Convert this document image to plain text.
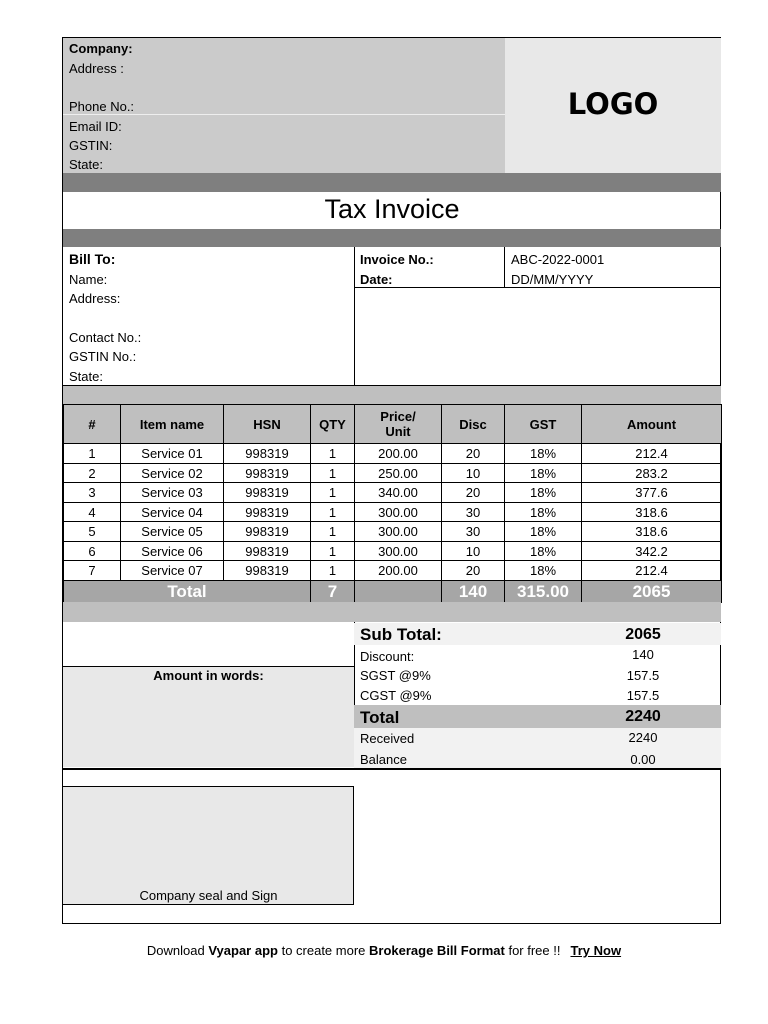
Company:
Address :
Phone No.:
Email ID:
GSTIN:
State:
LOGO
Tax Invoice
Bill To:
Name:
Address:
Contact No.:
GSTIN No.:
State:
Invoice No.:	ABC-2022-0001
Date:	DD/MM/YYYY
#	Item name	HSN	QTY	Price/ Unit	Disc	GST	Amount
1	Service 01	998319	1	200.00	20	18%	212.4
2	Service 02	998319	1	250.00	10	18%	283.2
3	Service 03	998319	1	340.00	20	18%	377.6
4	Service 04	998319	1	300.00	30	18%	318.6
5	Service 05	998319	1	300.00	30	18%	318.6
6	Service 06	998319	1	300.00	10	18%	342.2
7	Service 07	998319	1	200.00	20	18%	212.4
Total			7		140	315.00	2065
Amount in words:
Sub Total:	2065
Discount:	140
SGST @9%	157.5
CGST @9%	157.5
Total	2240
Received	2240
Balance	0.00
Company seal and Sign
Download Vyapar app to create more Brokerage Bill Format for free !! Try Now
